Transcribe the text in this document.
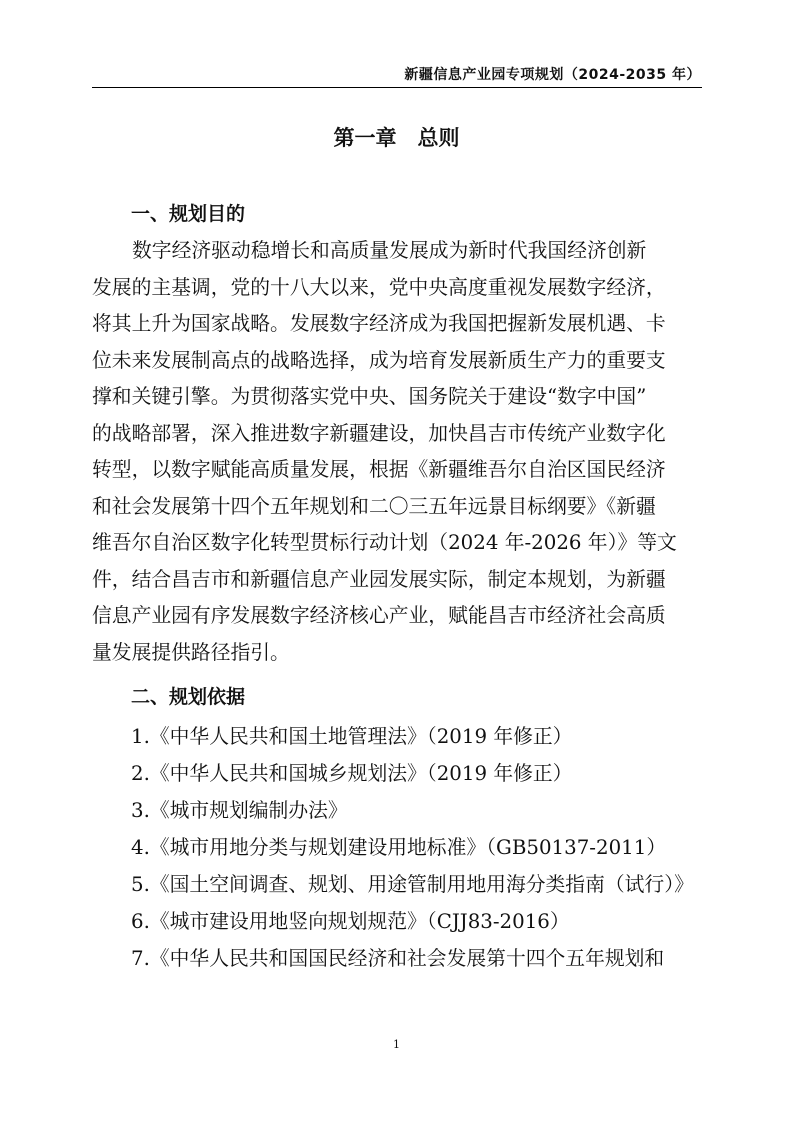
新疆信息产业园专项规划（2024-2035 年）
第一章　总则
一、规划目的
数字经济驱动稳增长和高质量发展成为新时代我国经济创新
发展的主基调，党的十八大以来，党中央高度重视发展数字经济，
将其上升为国家战略。发展数字经济成为我国把握新发展机遇、卡
位未来发展制高点的战略选择，成为培育发展新质生产力的重要支
撑和关键引擎。为贯彻落实党中央、国务院关于建设“数字中国”
的战略部署，深入推进数字新疆建设，加快昌吉市传统产业数字化
转型，以数字赋能高质量发展，根据《新疆维吾尔自治区国民经济
和社会发展第十四个五年规划和二〇三五年远景目标纲要》《新疆
维吾尔自治区数字化转型贯标行动计划（2024 年-2026 年）》等文
件，结合昌吉市和新疆信息产业园发展实际，制定本规划，为新疆
信息产业园有序发展数字经济核心产业，赋能昌吉市经济社会高质
量发展提供路径指引。
二、规划依据
1.《中华人民共和国土地管理法》（2019 年修正）
2.《中华人民共和国城乡规划法》（2019 年修正）
3.《城市规划编制办法》
4.《城市用地分类与规划建设用地标准》（GB50137-2011）
5.《国土空间调查、规划、用途管制用地用海分类指南（试行）》
6.《城市建设用地竖向规划规范》（CJJ83-2016）
7.《中华人民共和国国民经济和社会发展第十四个五年规划和
1
